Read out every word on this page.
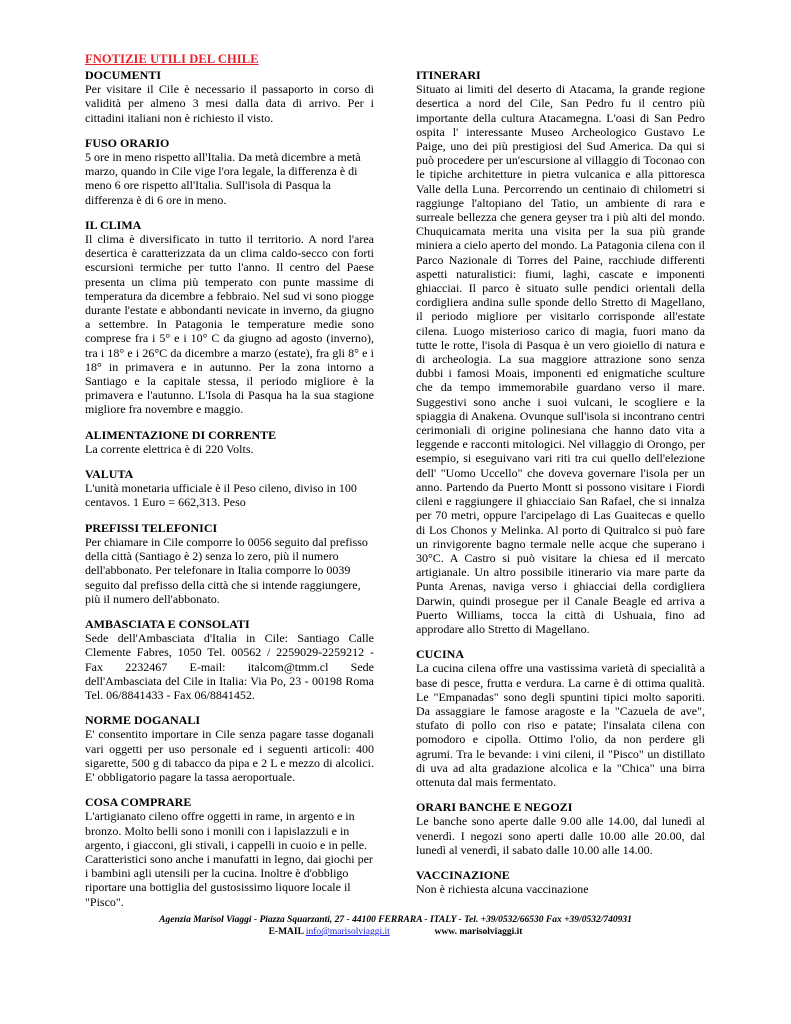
FNOTIZIE UTILI DEL CHILE
DOCUMENTI

Per visitare il Cile è necessario il passaporto in corso di validità per almeno 3 mesi dalla data di arrivo. Per i cittadini italiani non è richiesto il visto.

FUSO ORARIO

5 ore in meno rispetto all'Italia. Da metà dicembre a metà marzo, quando in Cile vige l'ora legale, la differenza è di meno 6 ore rispetto all'Italia. Sull'isola di Pasqua la differenza è di 6 ore in meno.

IL CLIMA

Il clima è diversificato in tutto il territorio. A nord l'area desertica è caratterizzata da un clima caldo-secco con forti escursioni termiche per tutto l'anno. Il centro del Paese presenta un clima più temperato con punte massime di temperatura da dicembre a febbraio. Nel sud vi sono piogge durante l'estate e abbondanti nevicate in inverno, da giugno a settembre. In Patagonia le temperature medie sono comprese fra i 5° e i 10° C da giugno ad agosto (inverno), tra i 18° e i 26°C da dicembre a marzo (estate), fra gli 8° e i 18° in primavera e in autunno. Per la zona intorno a Santiago e la capitale stessa, il periodo migliore è la primavera e l'autunno. L'Isola di Pasqua ha la sua stagione migliore fra novembre e maggio.

ALIMENTAZIONE DI CORRENTE

La corrente elettrica è di 220 Volts.

VALUTA

L'unità monetaria ufficiale è il Peso cileno, diviso in 100 centavos. 1 Euro = 662,313. Peso

PREFISSI TELEFONICI

Per chiamare in Cile comporre lo 0056 seguito dal prefisso della città (Santiago è 2) senza lo zero, più il numero dell'abbonato. Per telefonare in Italia comporre lo 0039 seguito dal prefisso della città che si intende raggiungere, più il numero dell'abbonato.

AMBASCIATA E CONSOLATI

Sede dell'Ambasciata d'Italia in Cile: Santiago Calle Clemente Fabres, 1050 Tel. 00562 / 2259029-2259212 - Fax 2232467 E-mail: italcom@tmm.cl Sede dell'Ambasciata del Cile in Italia: Via Po, 23 - 00198 Roma Tel. 06/8841433 - Fax 06/8841452.

NORME DOGANALI

E' consentito importare in Cile senza pagare tasse doganali vari oggetti per uso personale ed i seguenti articoli: 400 sigarette, 500 g di tabacco da pipa e 2 L e mezzo di alcolici. E' obbligatorio pagare la tassa aeroportuale.

COSA COMPRARE

L'artigianato cileno offre oggetti in rame, in argento e in bronzo. Molto belli sono i monili con i lapislazzuli e in argento, i giacconi, gli stivali, i cappelli in cuoio e in pelle. Caratteristici sono anche i manufatti in legno, dai giochi per i bambini agli utensili per la cucina. Inoltre è d'obbligo riportare una bottiglia del gustosissimo liquore locale il "Pisco".

ITINERARI

Situato ai limiti del deserto di Atacama, la grande regione desertica a nord del Cile, San Pedro fu il centro più importante della cultura Atacamegna. L'oasi di San Pedro ospita l' interessante Museo Archeologico Gustavo Le Paige, uno dei più prestigiosi del Sud America. Da qui si può procedere per un'escursione al villaggio di Toconao con le tipiche architetture in pietra vulcanica e alla pittoresca Valle della Luna. Percorrendo un centinaio di chilometri si raggiunge l'altopiano del Tatio, un ambiente di rara e surreale bellezza che genera geyser tra i più alti del mondo. Chuquicamata merita una visita per la sua più grande miniera a cielo aperto del mondo. La Patagonia cilena con il Parco Nazionale di Torres del Paine, racchiude differenti aspetti naturalistici: fiumi, laghi, cascate e imponenti ghiacciai. Il parco è situato sulle pendici orientali della cordigliera andina sulle sponde dello Stretto di Magellano, il periodo migliore per visitarlo corrisponde all'estate cilena. Luogo misterioso carico di magia, fuori mano da tutte le rotte, l'isola di Pasqua è un vero gioiello di natura e di archeologia. La sua maggiore attrazione sono senza dubbi i famosi Moais, imponenti ed enigmatiche sculture che da tempo immemorabile guardano verso il mare. Suggestivi sono anche i suoi vulcani, le scogliere e la spiaggia di Anakena. Ovunque sull'isola si incontrano centri cerimoniali di origine polinesiana che hanno dato vita a leggende e racconti mitologici. Nel villaggio di Orongo, per esempio, si eseguivano vari riti tra cui quello dell'elezione dell' "Uomo Uccello" che doveva governare l'isola per un anno. Partendo da Puerto Montt si possono visitare i Fiordi cileni e raggiungere il ghiacciaio San Rafael, che si innalza per 70 metri, oppure l'arcipelago di Las Guaitecas e quello di Los Chonos y Melinka. Al porto di Quitralco si può fare un rinvigorente bagno termale nelle acque che superano i 30°C. A Castro si può visitare la chiesa ed il mercato artigianale. Un altro possibile itinerario via mare parte da Punta Arenas, naviga verso i ghiacciai della cordigliera Darwin, quindi prosegue per il Canale Beagle ed arriva a Puerto Williams, tocca la città di Ushuaia, fino ad approdare allo Stretto di Magellano.

CUCINA

La cucina cilena offre una vastissima varietà di specialità a base di pesce, frutta e verdura. La carne è di ottima qualità. Le "Empanadas" sono degli spuntini tipici molto saporiti. Da assaggiare le famose aragoste e la "Cazuela de ave", stufato di pollo con riso e patate; l'insalata cilena con pomodoro e cipolla. Ottimo l'olio, da non perdere gli agrumi. Tra le bevande: i vini cileni, il "Pisco" un distillato di uva ad alta gradazione alcolica e la "Chica" una birra ottenuta dal mais fermentato.

ORARI BANCHE E NEGOZI

Le banche sono aperte dalle 9.00 alle 14.00, dal lunedì al venerdì. I negozi sono aperti dalle 10.00 alle 20.00, dal lunedì al venerdì, il sabato dalle 10.00 alle 14.00.

VACCINAZIONE

Non è richiesta alcuna vaccinazione

Agenzia Marisol Viaggi - Piazza Squarzanti, 27 - 44100 FERRARA - ITALY - Tel. +39/0532/66530 Fax +39/0532/740931
E-MAIL info@marisolviaggi.it	www. marisolviaggi.it
